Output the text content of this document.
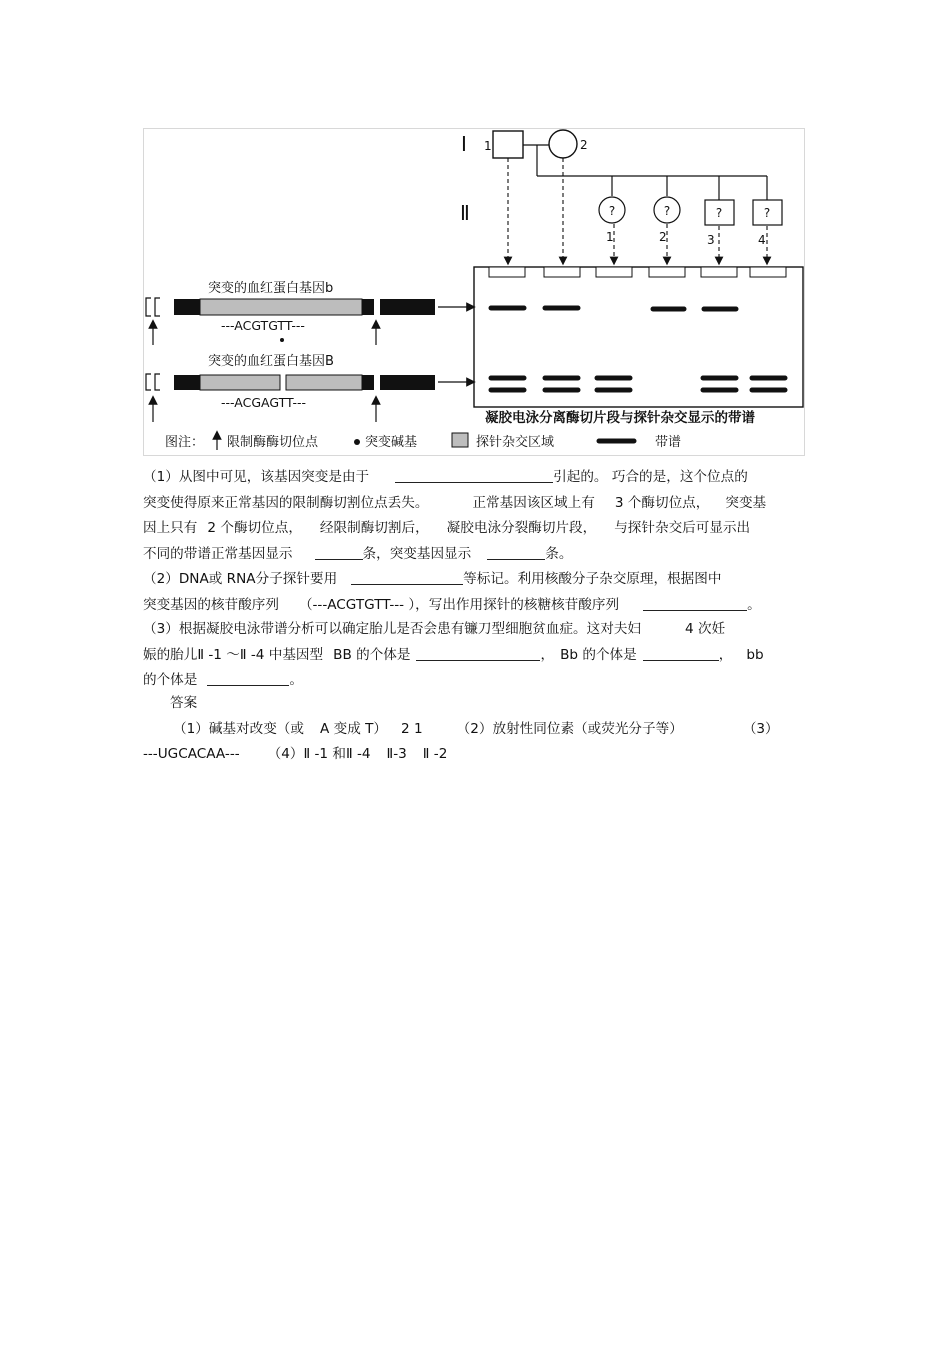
Ⅰ
Ⅱ
1	2
?	?	?	?
1	2	3	4
凝胶电泳分离酶切片段与探针杂交显示的带谱
突变的血红蛋白基因b
---ACGTGTT---
突变的血红蛋白基因B
---ACGAGTT---
图注： 限制酶酶切位点	突变碱基	探针杂交区域	带谱
（1）从图中可见，该基因突变是由于	引起的。 巧合的是，这个位点的
突变使得原来正常基因的限制酶切割位点丢失。	正常基因该区域上有 3 个酶切位点， 突变基
因上只有 2 个酶切位点， 经限制酶切割后， 凝胶电泳分裂酶切片段， 与探针杂交后可显示出
不同的带谱正常基因显示	条，突变基因显示	条。
（2）DNA或 RNA分子探针要用	等标记。利用核酸分子杂交原理，根据图中
突变基因的核苷酸序列 （---ACGTGTT--- ），写出作用探针的核糖核苷酸序列	。
（3）根据凝胶电泳带谱分析可以确定胎儿是否会患有镰刀型细胞贫血症。这对夫妇	4 次妊
娠的胎儿Ⅱ -1 ～Ⅱ -4 中基因型 BB 的个体是	， Bb 的个体是	， bb
的个体是	。
答案
（1）碱基对改变（或 A 变成 T） 2 1	（2）放射性同位素（或荧光分子等）	（3）
---UGCACAA--- （4）Ⅱ -1 和Ⅱ -4 Ⅱ-3 Ⅱ -2
